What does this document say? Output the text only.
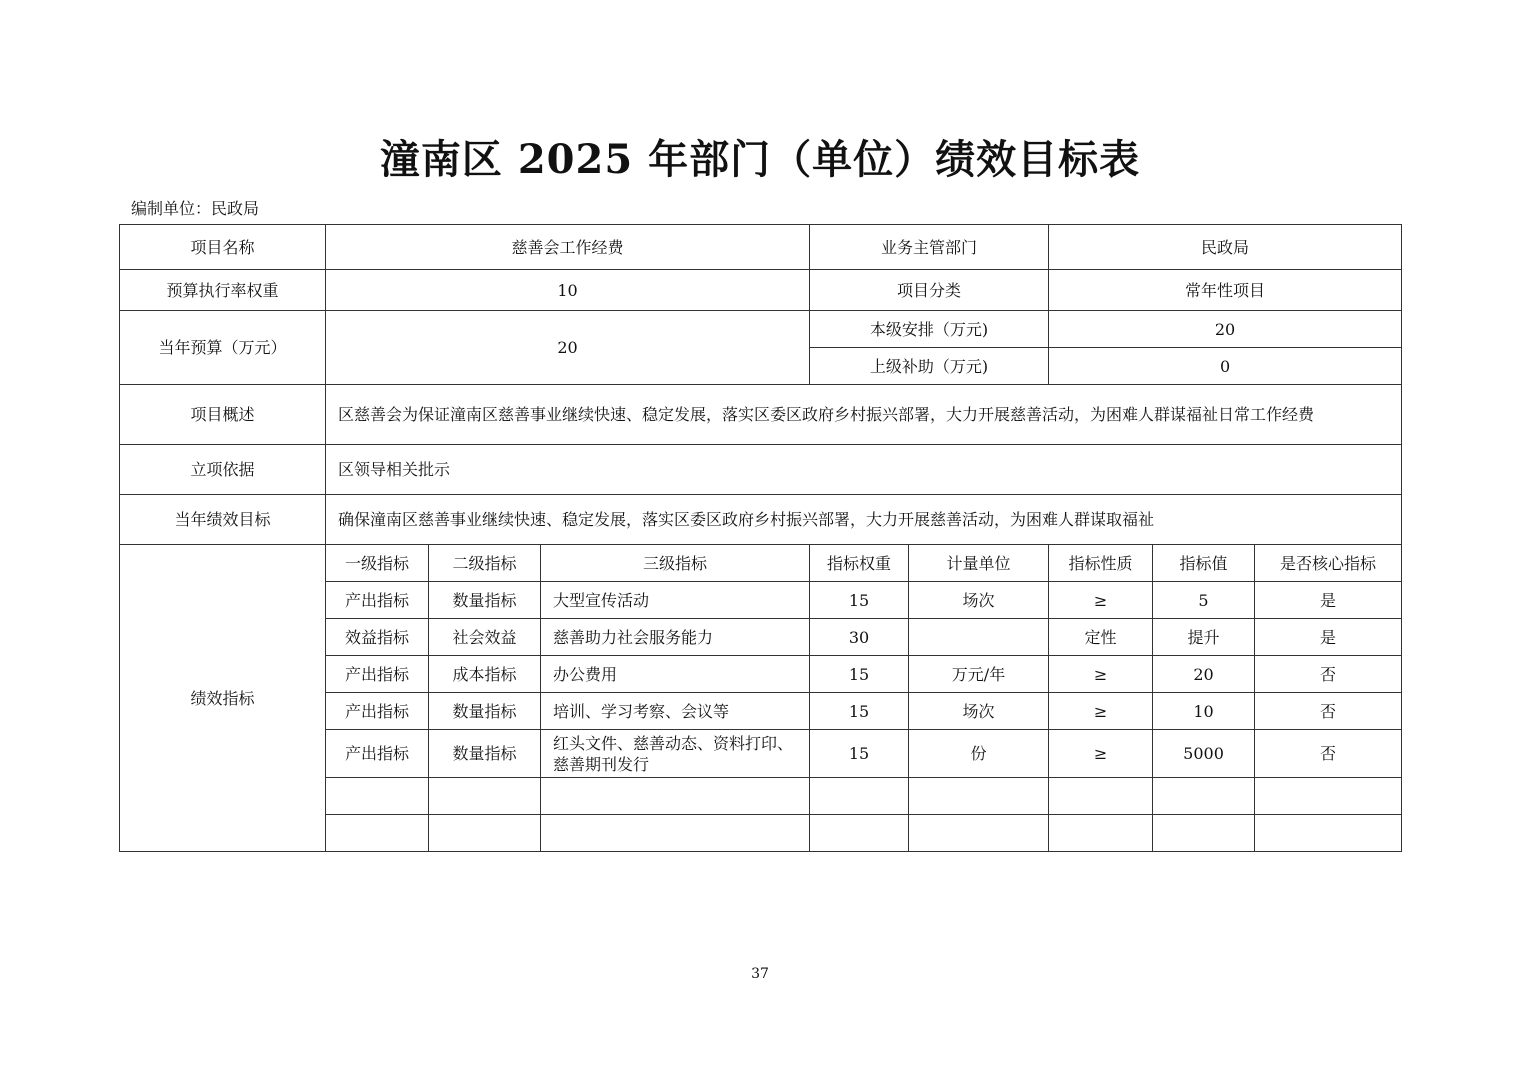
潼南区 2025 年部门（单位）绩效目标表
编制单位：民政局
项目名称	慈善会工作经费			业务主管部门		民政局		
预算执行率权重	10			项目分类		常年性项目		
当年预算（万元）	20			本级安排（万元)		20		
				上级补助（万元)		0		
项目概述	区慈善会为保证潼南区慈善事业继续快速、稳定发展，落实区委区政府乡村振兴部署，大力开展慈善活动，为困难人群谋福祉日常工作经费							
立项依据	区领导相关批示							
当年绩效目标	确保潼南区慈善事业继续快速、稳定发展，落实区委区政府乡村振兴部署，大力开展慈善活动，为困难人群谋取福祉							
绩效指标	一级指标	二级指标	三级指标	指标权重	计量单位	指标性质	指标值	是否核心指标
	产出指标	数量指标	大型宣传活动	15	场次	≥	5	是
	效益指标	社会效益	慈善助力社会服务能力	30		定性	提升	是
	产出指标	成本指标	办公费用	15	万元/年	≥	20	否
	产出指标	数量指标	培训、学习考察、会议等	15	场次	≥	10	否
	产出指标	数量指标	红头文件、慈善动态、资料打印、慈善期刊发行	15	份	≥	5000	否

37
